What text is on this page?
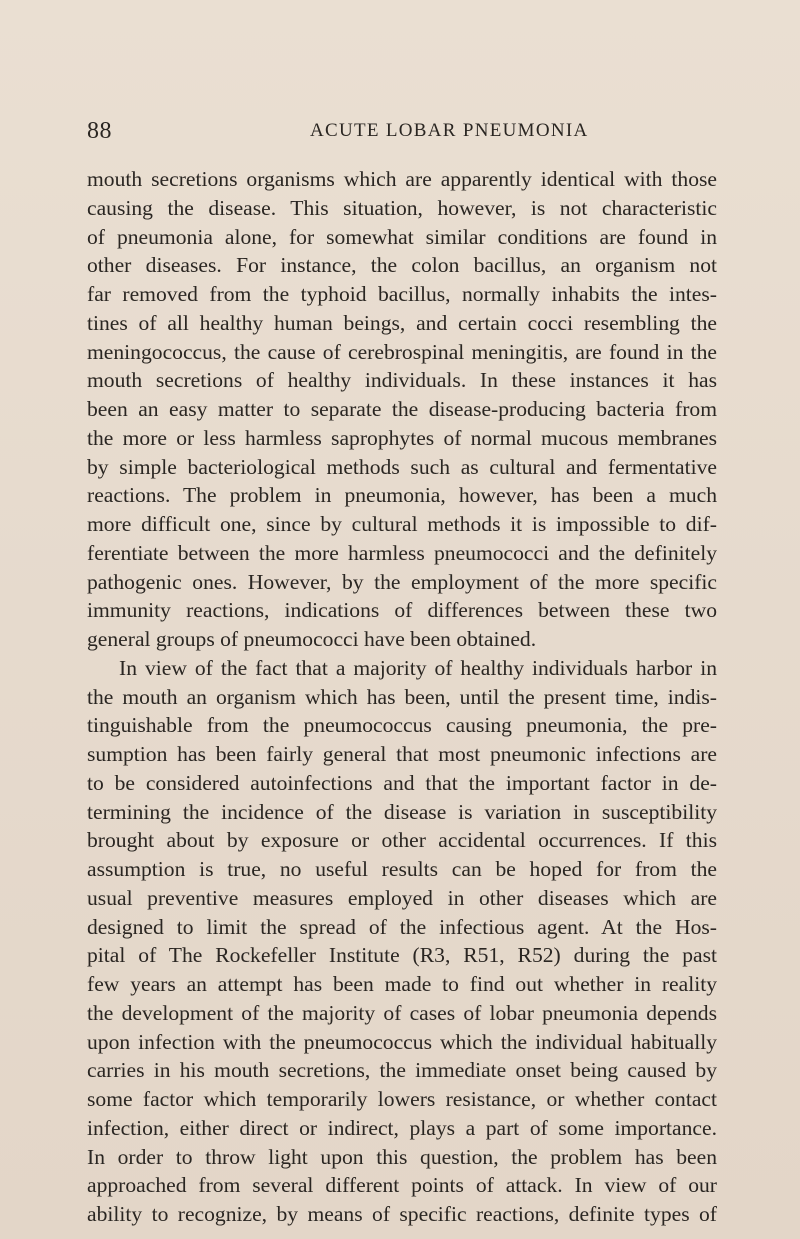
88	ACUTE LOBAR PNEUMONIA
mouth secretions organisms which are apparently identical with those
causing the disease. This situation, however, is not characteristic
of pneumonia alone, for somewhat similar conditions are found in
other diseases. For instance, the colon bacillus, an organism not
far removed from the typhoid bacillus, normally inhabits the intes-
tines of all healthy human beings, and certain cocci resembling the
meningococcus, the cause of cerebrospinal meningitis, are found in the
mouth secretions of healthy individuals. In these instances it has
been an easy matter to separate the disease-producing bacteria from
the more or less harmless saprophytes of normal mucous membranes
by simple bacteriological methods such as cultural and fermentative
reactions. The problem in pneumonia, however, has been a much
more difficult one, since by cultural methods it is impossible to dif-
ferentiate between the more harmless pneumococci and the definitely
pathogenic ones. However, by the employment of the more specific
immunity reactions, indications of differences between these two
general groups of pneumococci have been obtained.
In view of the fact that a majority of healthy individuals harbor in
the mouth an organism which has been, until the present time, indis-
tinguishable from the pneumococcus causing pneumonia, the pre-
sumption has been fairly general that most pneumonic infections are
to be considered autoinfections and that the important factor in de-
termining the incidence of the disease is variation in susceptibility
brought about by exposure or other accidental occurrences. If this
assumption is true, no useful results can be hoped for from the
usual preventive measures employed in other diseases which are
designed to limit the spread of the infectious agent. At the Hos-
pital of The Rockefeller Institute (R3, R51, R52) during the past
few years an attempt has been made to find out whether in reality
the development of the majority of cases of lobar pneumonia depends
upon infection with the pneumococcus which the individual habitually
carries in his mouth secretions, the immediate onset being caused by
some factor which temporarily lowers resistance, or whether contact
infection, either direct or indirect, plays a part of some importance.
In order to throw light upon this question, the problem has been
approached from several different points of attack. In view of our
ability to recognize, by means of specific reactions, definite types of
